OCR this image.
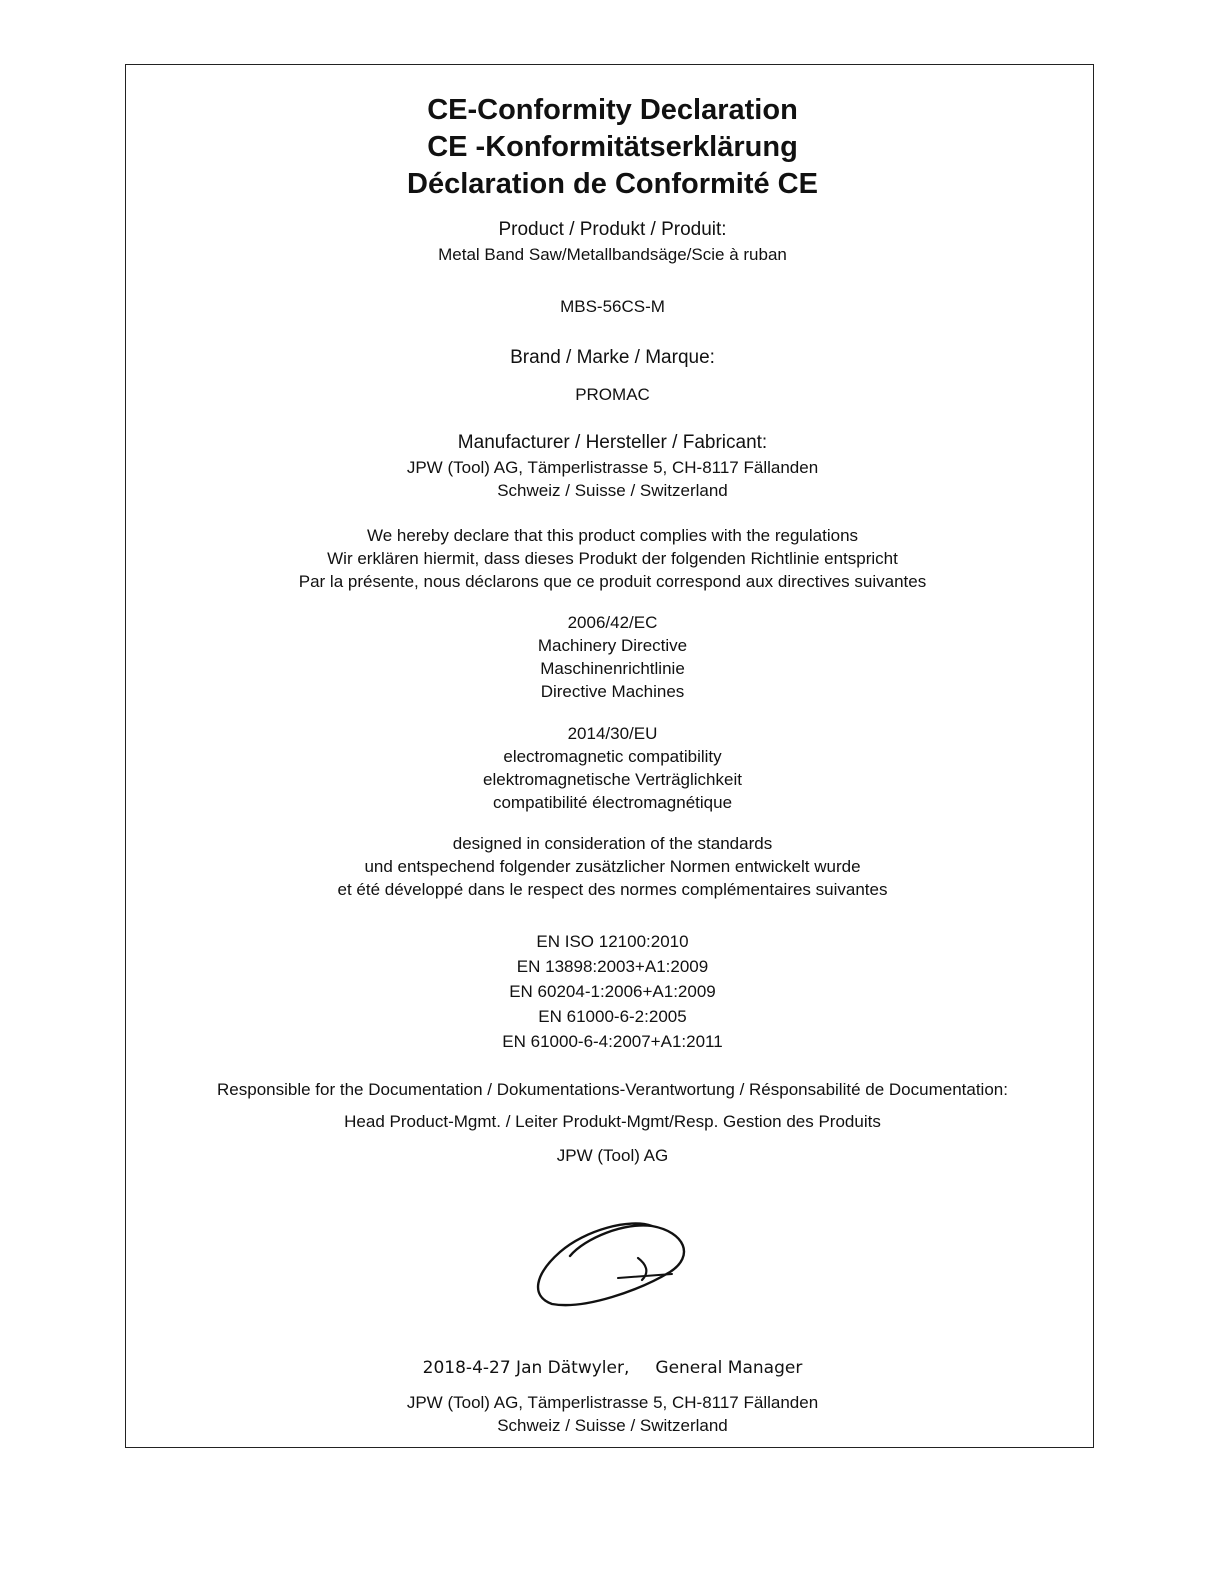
CE-Conformity Declaration
CE -Konformitätserklärung
Déclaration de Conformité CE
Product / Produkt / Produit:
Metal Band Saw/Metallbandsäge/Scie à ruban
MBS-56CS-M
Brand / Marke / Marque:
PROMAC
Manufacturer / Hersteller / Fabricant:
JPW (Tool) AG, Tämperlistrasse 5, CH-8117 Fällanden
Schweiz / Suisse / Switzerland
We hereby declare that this product complies with the regulations
Wir erklären hiermit, dass dieses Produkt der folgenden Richtlinie entspricht
Par la présente, nous déclarons que ce produit correspond aux directives suivantes
2006/42/EC
Machinery Directive
Maschinenrichtlinie
Directive Machines
2014/30/EU
electromagnetic compatibility
elektromagnetische Verträglichkeit
compatibilité électromagnétique
designed in consideration of the standards
und entspechend folgender zusätzlicher Normen entwickelt wurde
et été développé dans le respect des normes complémentaires suivantes
EN ISO 12100:2010
EN 13898:2003+A1:2009
EN 60204-1:2006+A1:2009
EN 61000-6-2:2005
EN 61000-6-4:2007+A1:2011
Responsible for the Documentation / Dokumentations-Verantwortung / Résponsabilité de Documentation:
Head Product-Mgmt. / Leiter Produkt-Mgmt/Resp. Gestion des Produits
JPW (Tool) AG
2018-4-27 Jan Dätwyler, General Manager
JPW (Tool) AG, Tämperlistrasse 5, CH-8117 Fällanden
Schweiz / Suisse / Switzerland
